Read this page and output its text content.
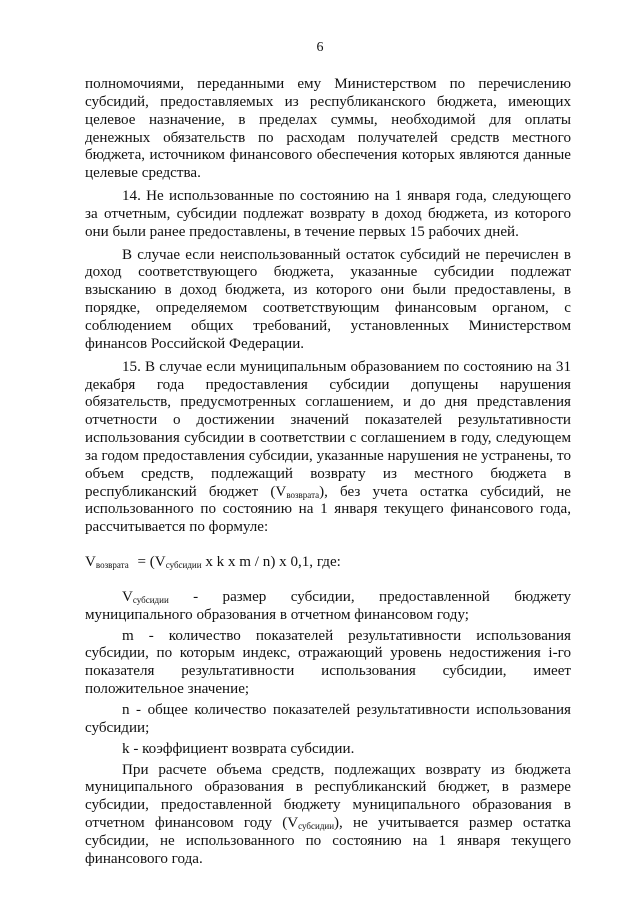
6

полномочиями, переданными ему Министерством по перечислению субсидий, предоставляемых из республиканского бюджета, имеющих целевое назначение, в пределах суммы, необходимой для оплаты денежных обязательств по расходам получателей средств местного бюджета, источником финансового обеспечения которых являются данные целевые средства.

14. Не использованные по состоянию на 1 января года, следующего за отчетным, субсидии подлежат возврату в доход бюджета, из которого они были ранее предоставлены, в течение первых 15 рабочих дней.

В случае если неиспользованный остаток субсидий не перечислен в доход соответствующего бюджета, указанные субсидии подлежат взысканию в доход бюджета, из которого они были предоставлены, в порядке, определяемом соответствующим финансовым органом, с соблюдением общих требований, установленных Министерством финансов Российской Федерации.

15. В случае если муниципальным образованием по состоянию на 31 декабря года предоставления субсидии допущены нарушения обязательств, предусмотренных соглашением, и до дня представления отчетности о достижении значений показателей результативности использования субсидии в соответствии с соглашением в году, следующем за годом предоставления субсидии, указанные нарушения не устранены, то объем средств, подлежащий возврату из местного бюджета в республиканский бюджет $(V_{возврата})$, без учета остатка субсидий, не использованного по состоянию на 1 января текущего финансового года, рассчитывается по формуле:

$V_{возврата} = (V_{субсидии}$ x k x m / n) x 0,1, где:

$V_{субсидии}$ - размер субсидии, предоставленной бюджету муниципального образования в отчетном финансовом году;

m - количество показателей результативности использования субсидии, по которым индекс, отражающий уровень недостижения i-го показателя результативности использования субсидии, имеет положительное значение;

n - общее количество показателей результативности использования субсидии;

k - коэффициент возврата субсидии.

При расчете объема средств, подлежащих возврату из бюджета муниципального образования в республиканский бюджет, в размере субсидии, предоставленной бюджету муниципального образования в отчетном финансовом году $(V_{субсидии})$, не учитывается размер остатка субсидии, не использованного по состоянию на 1 января текущего финансового года.
